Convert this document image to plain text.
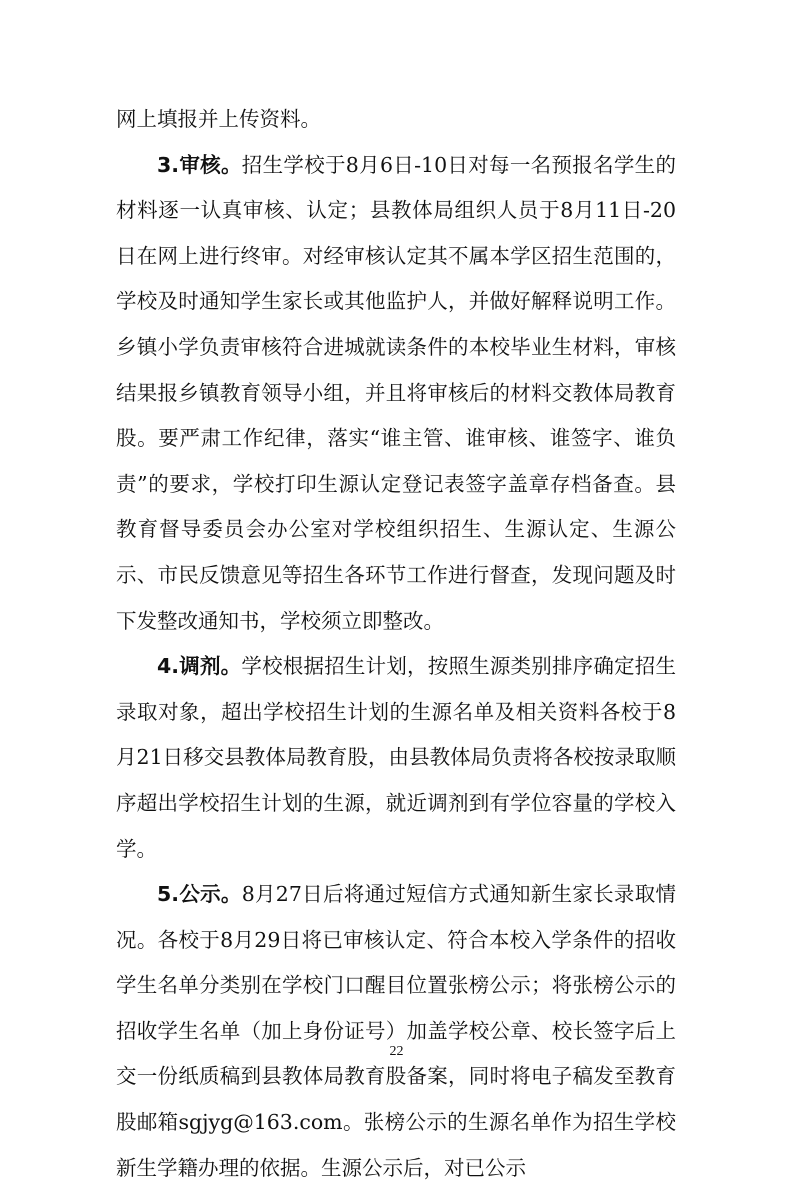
网上填报并上传资料。

3.审核。招生学校于8月6日-10日对每一名预报名学生的材料逐一认真审核、认定；县教体局组织人员于8月11日-20日在网上进行终审。对经审核认定其不属本学区招生范围的，学校及时通知学生家长或其他监护人，并做好解释说明工作。乡镇小学负责审核符合进城就读条件的本校毕业生材料，审核结果报乡镇教育领导小组，并且将审核后的材料交教体局教育股。要严肃工作纪律，落实“谁主管、谁审核、谁签字、谁负责”的要求，学校打印生源认定登记表签字盖章存档备查。县教育督导委员会办公室对学校组织招生、生源认定、生源公示、市民反馈意见等招生各环节工作进行督查，发现问题及时下发整改通知书，学校须立即整改。

4.调剂。学校根据招生计划，按照生源类别排序确定招生录取对象，超出学校招生计划的生源名单及相关资料各校于8月21日移交县教体局教育股，由县教体局负责将各校按录取顺序超出学校招生计划的生源，就近调剂到有学位容量的学校入学。

5.公示。8月27日后将通过短信方式通知新生家长录取情况。各校于8月29日将已审核认定、符合本校入学条件的招收学生名单分类别在学校门口醒目位置张榜公示；将张榜公示的招收学生名单（加上身份证号）加盖学校公章、校长签字后上交一份纸质稿到县教体局教育股备案，同时将电子稿发至教育股邮箱sgjyg@163.com。张榜公示的生源名单作为招生学校新生学籍办理的依据。生源公示后，对已公示

22
